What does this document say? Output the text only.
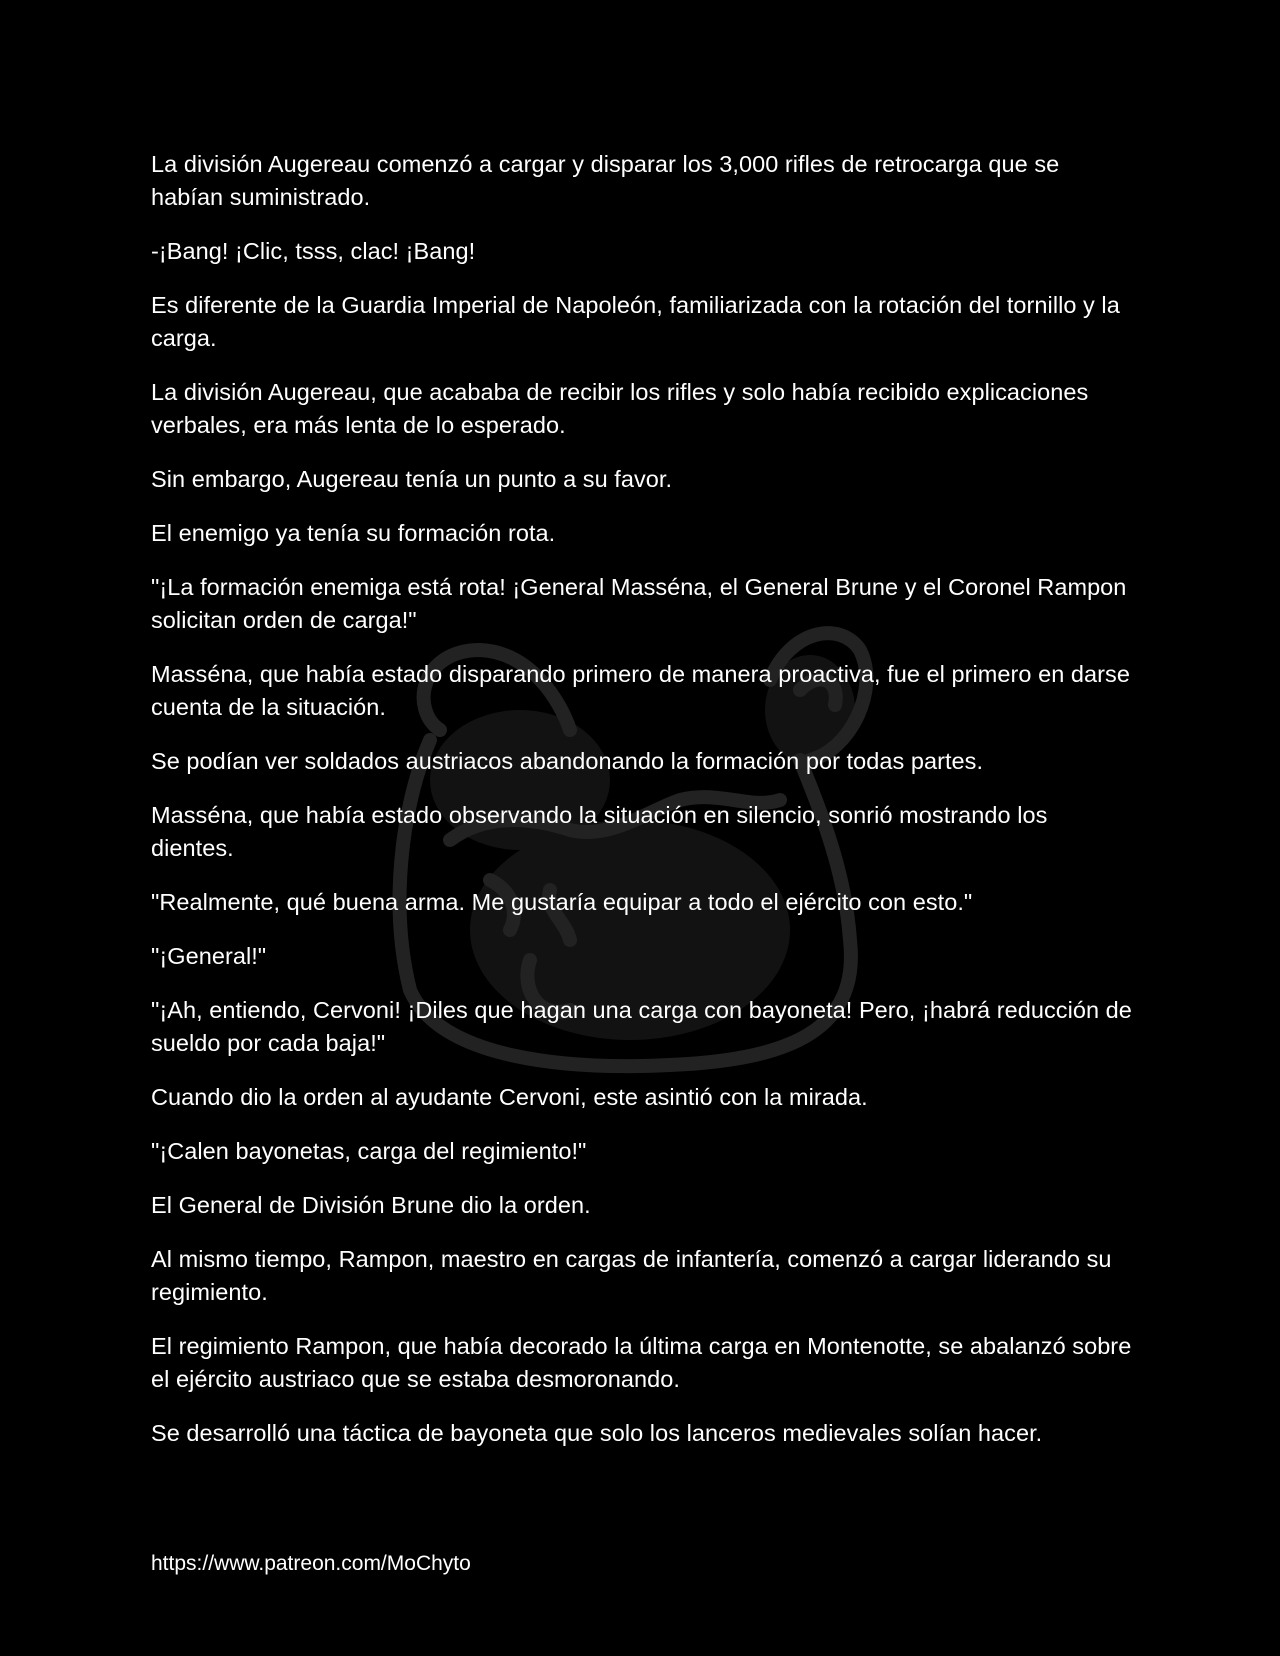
La división Augereau comenzó a cargar y disparar los 3,000 rifles de retrocarga que se habían suministrado.

-¡Bang! ¡Clic, tsss, clac! ¡Bang!

Es diferente de la Guardia Imperial de Napoleón, familiarizada con la rotación del tornillo y la carga.

La división Augereau, que acababa de recibir los rifles y solo había recibido explicaciones verbales, era más lenta de lo esperado.

Sin embargo, Augereau tenía un punto a su favor.

El enemigo ya tenía su formación rota.

"¡La formación enemiga está rota! ¡General Masséna, el General Brune y el Coronel Rampon solicitan orden de carga!"

Masséna, que había estado disparando primero de manera proactiva, fue el primero en darse cuenta de la situación.

Se podían ver soldados austriacos abandonando la formación por todas partes.

Masséna, que había estado observando la situación en silencio, sonrió mostrando los dientes.

"Realmente, qué buena arma. Me gustaría equipar a todo el ejército con esto."

"¡General!"

"¡Ah, entiendo, Cervoni! ¡Diles que hagan una carga con bayoneta! Pero, ¡habrá reducción de sueldo por cada baja!"

Cuando dio la orden al ayudante Cervoni, este asintió con la mirada.

"¡Calen bayonetas, carga del regimiento!"

El General de División Brune dio la orden.

Al mismo tiempo, Rampon, maestro en cargas de infantería, comenzó a cargar liderando su regimiento.

El regimiento Rampon, que había decorado la última carga en Montenotte, se abalanzó sobre el ejército austriaco que se estaba desmoronando.

Se desarrolló una táctica de bayoneta que solo los lanceros medievales solían hacer.

https://www.patreon.com/MoChyto
